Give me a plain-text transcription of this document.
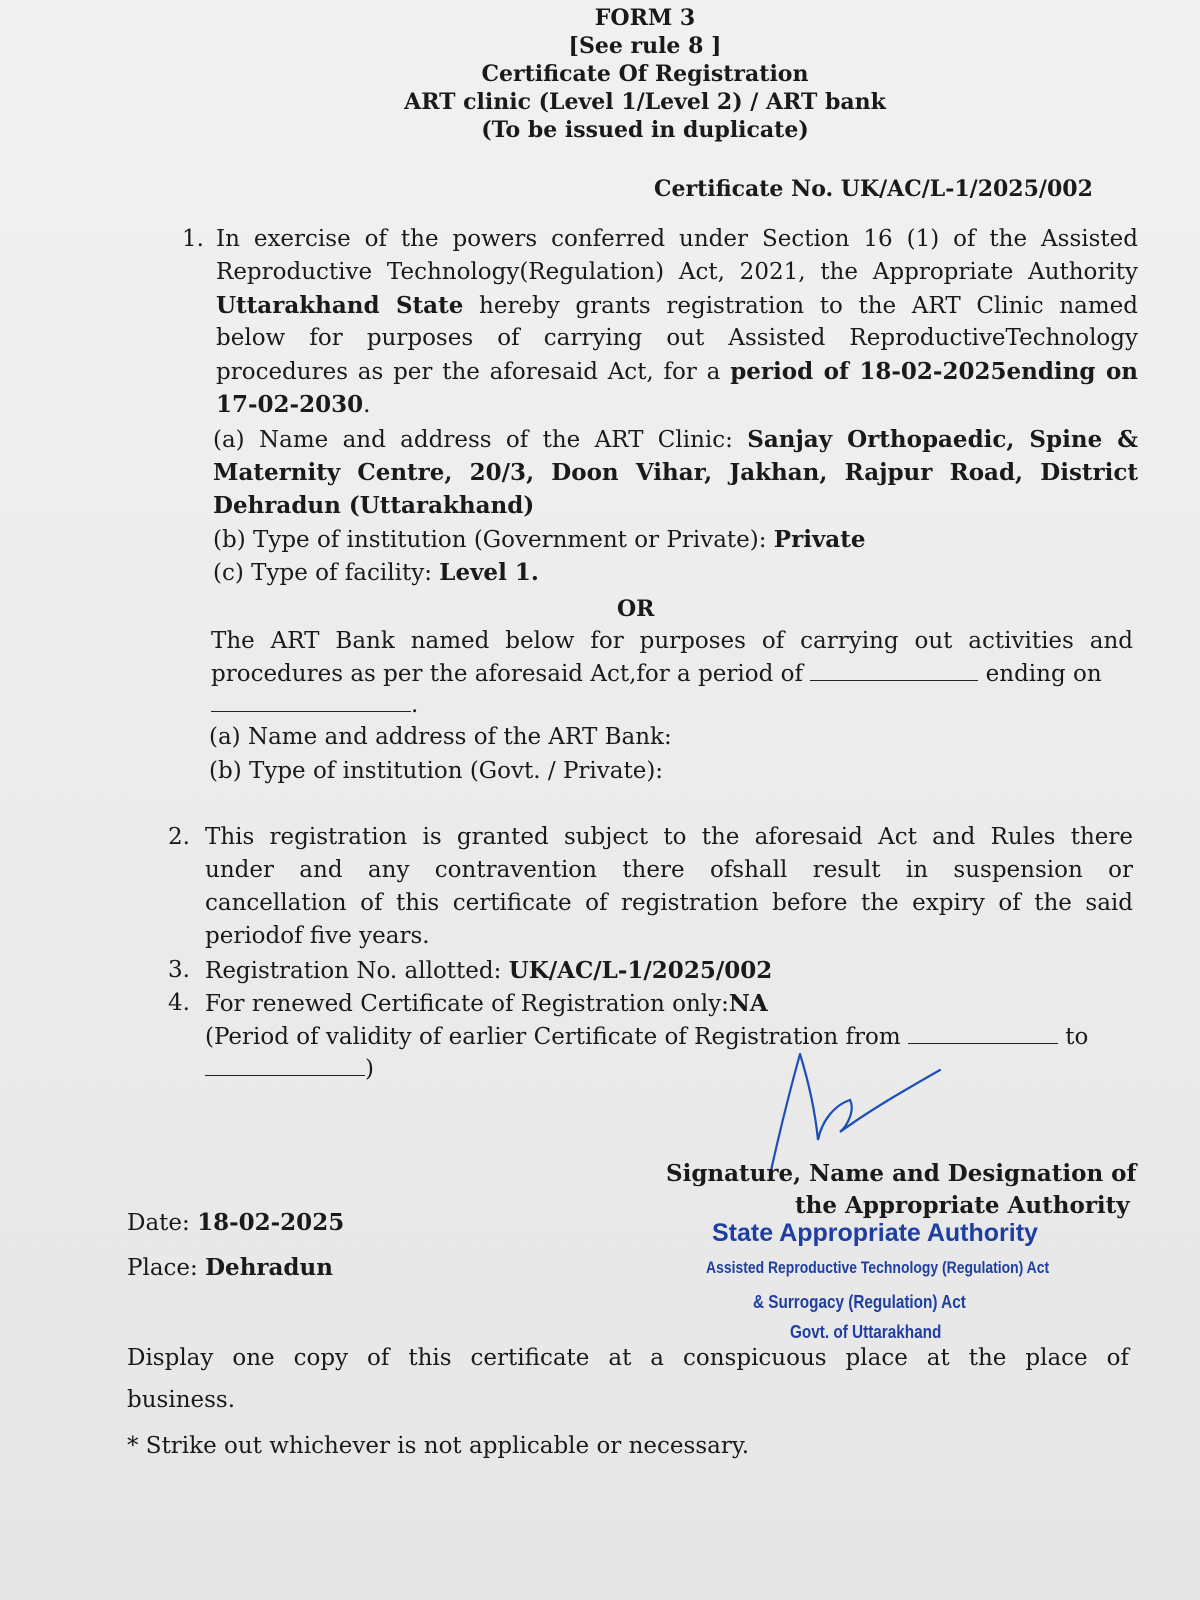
FORM 3
[See rule 8 ]
Certificate Of Registration
ART clinic (Level 1/Level 2) / ART bank
(To be issued in duplicate)
Certificate No. UK/AC/L-1/2025/002
1. In exercise of the powers conferred under Section 16 (1) of the Assisted
Reproductive Technology(Regulation) Act, 2021, the Appropriate Authority
Uttarakhand State hereby grants registration to the ART Clinic named
below for purposes of carrying out Assisted ReproductiveTechnology
procedures as per the aforesaid Act, for a period of 18-02-2025ending on
17-02-2030.
(a) Name and address of the ART Clinic: Sanjay Orthopaedic, Spine &
Maternity Centre, 20/3, Doon Vihar, Jakhan, Rajpur Road, District
Dehradun (Uttarakhand)
(b) Type of institution (Government or Private): Private
(c) Type of facility: Level 1.
OR
The ART Bank named below for purposes of carrying out activities and
procedures as per the aforesaid Act,for a period of	ending on
.
(a) Name and address of the ART Bank:
(b) Type of institution (Govt. / Private):
2. This registration is granted subject to the aforesaid Act and Rules there
under and any contravention there ofshall result in suspension or
cancellation of this certificate of registration before the expiry of the said
periodof five years.
3. Registration No. allotted: UK/AC/L-1/2025/002
4. For renewed Certificate of Registration only:NA
(Period of validity of earlier Certificate of Registration from	to
)
Signature, Name and Designation of
the Appropriate Authority
Date: 18-02-2025
Place: Dehradun
State Appropriate Authority
Assisted Reproductive Technology (Regulation) Act
& Surrogacy (Regulation) Act
Govt. of Uttarakhand
Display one copy of this certificate at a conspicuous place at the place of
business.
* Strike out whichever is not applicable or necessary.
